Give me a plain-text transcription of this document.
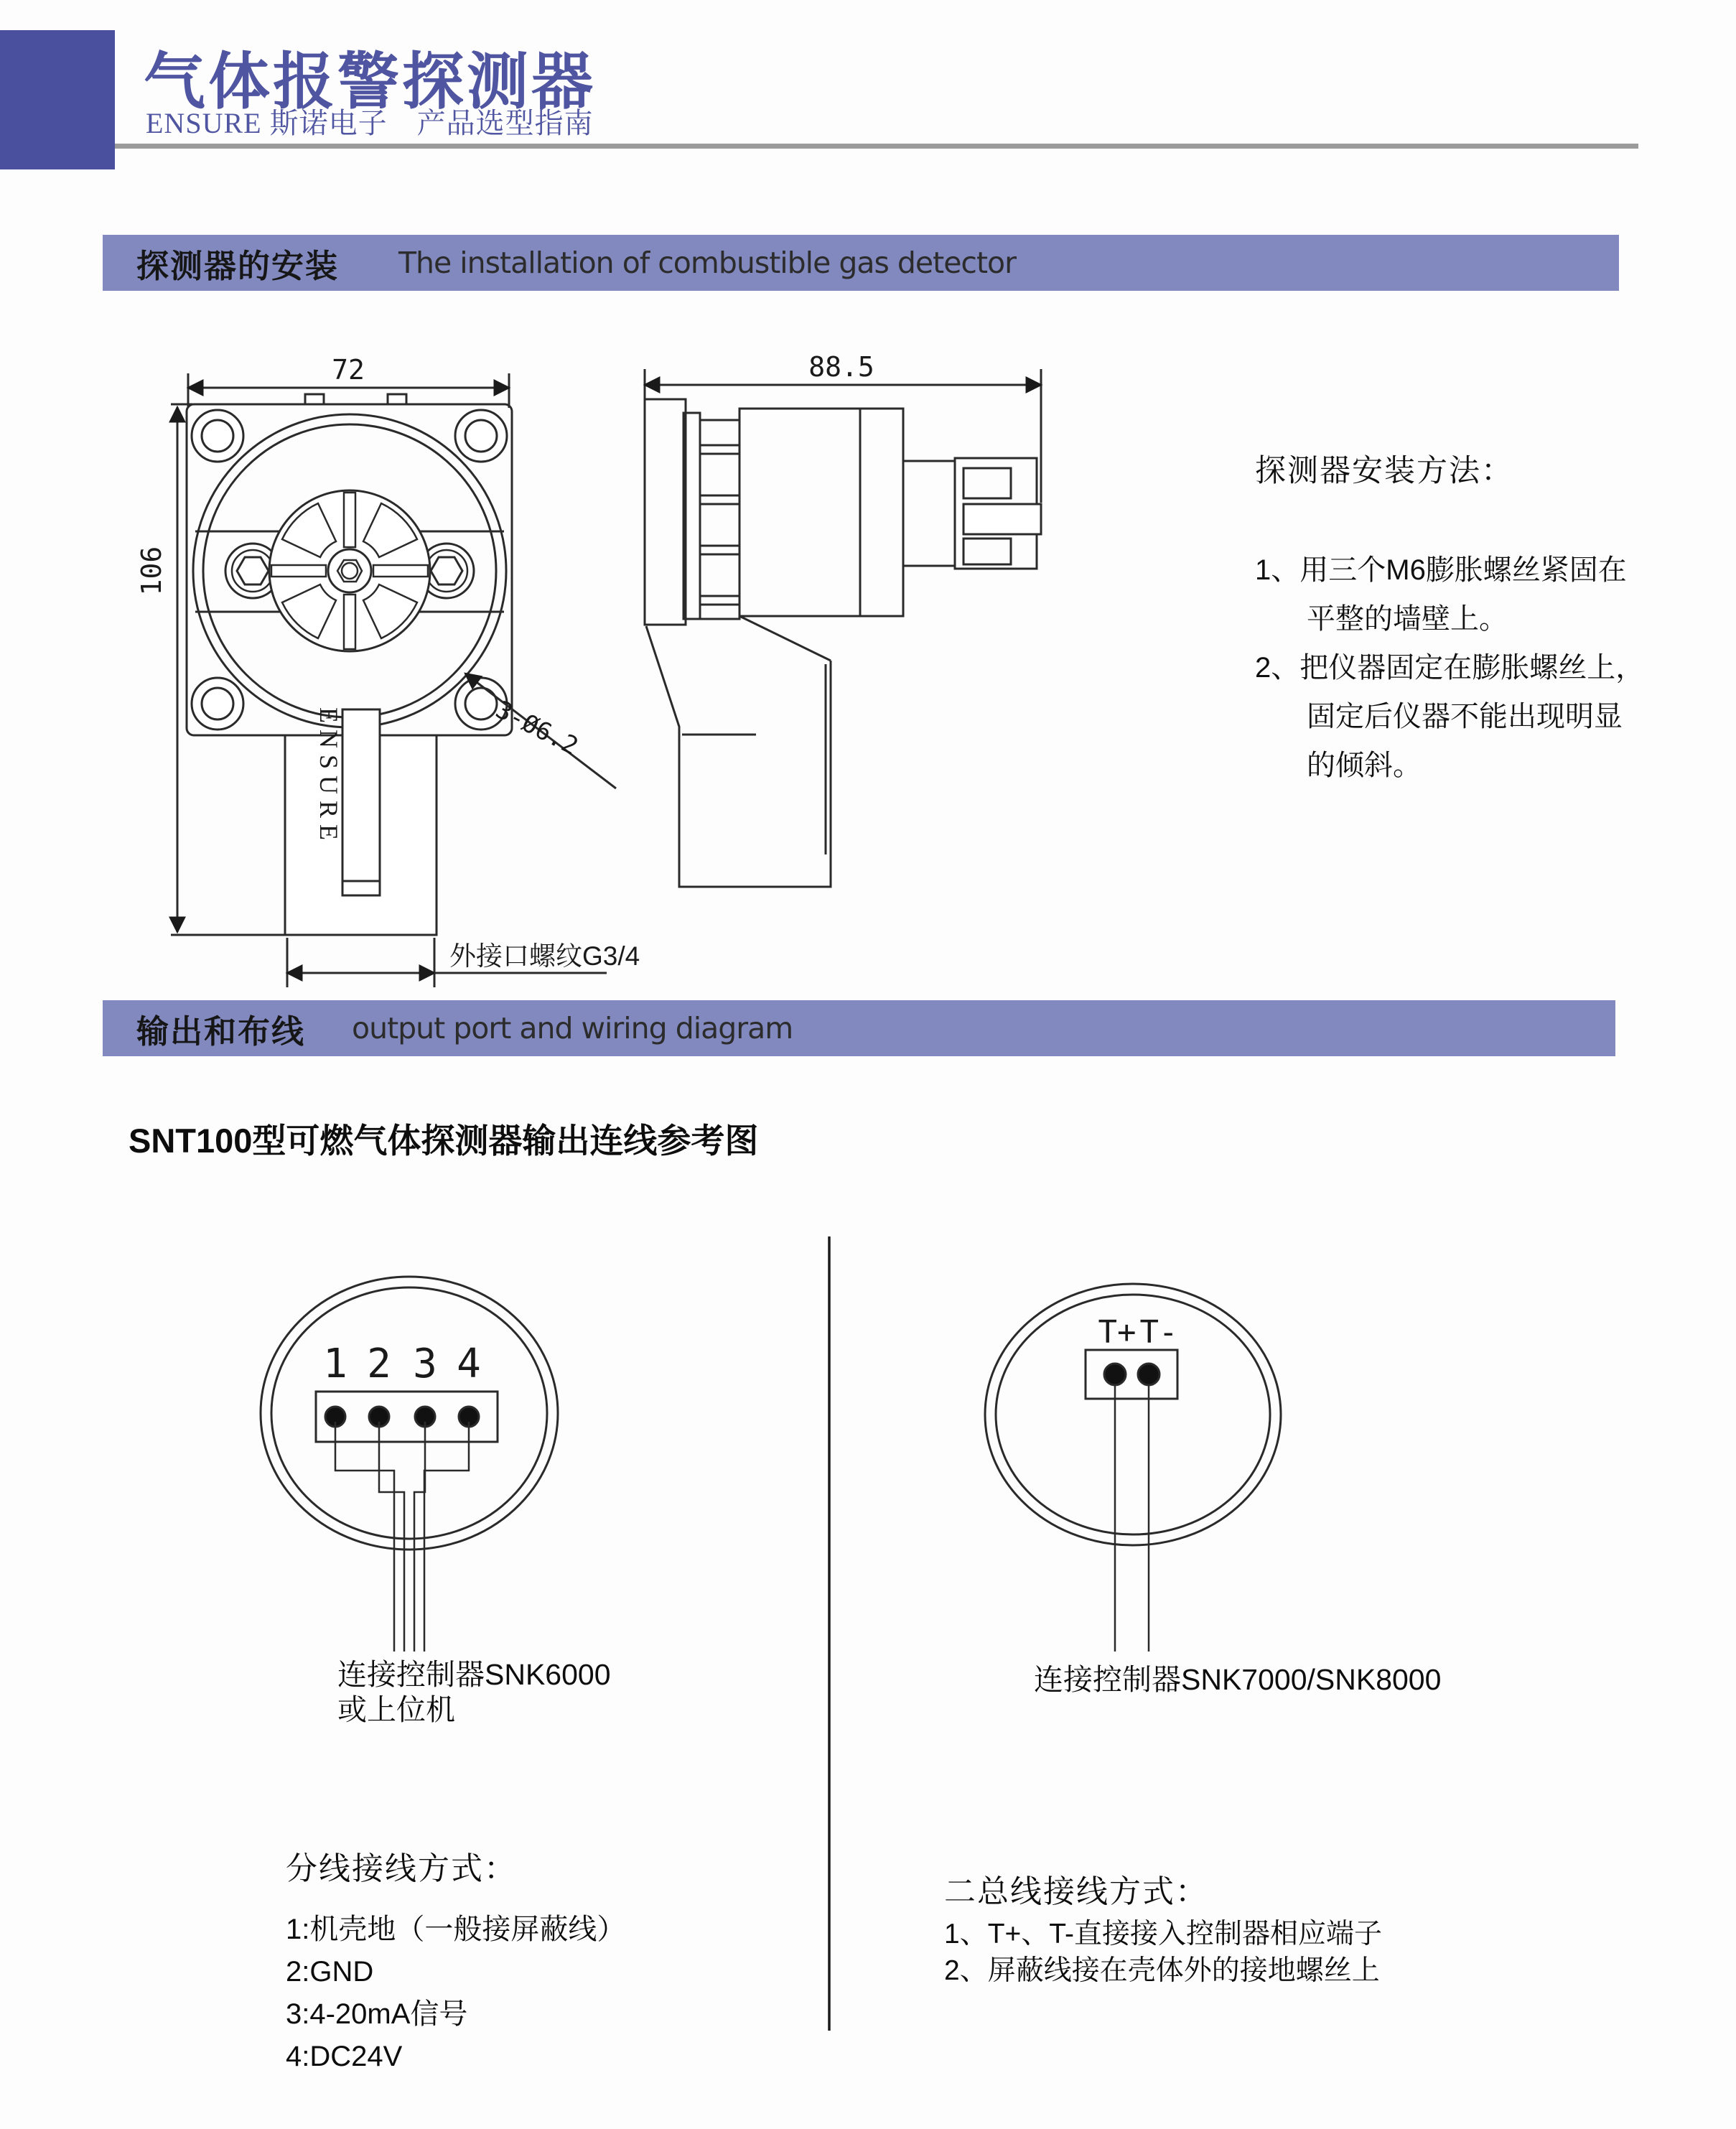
气体报警探测器
ENSURE 斯诺电子　产品选型指南
探测器的安装 The installation of combustible gas detector
72
106
ENSURE	3-Ø6.2
外接口螺纹G3/4
88.5
1 2 3 4
T+ T-
探测器安装方法：
1、用三个M6膨胀螺丝紧固在
平整的墙壁上。
2、把仪器固定在膨胀螺丝上，
固定后仪器不能出现明显
的倾斜。
输出和布线 output port and wiring diagram
SNT100型可燃气体探测器输出连线参考图
连接控制器SNK6000
或上位机
连接控制器SNK7000/SNK8000
分线接线方式：
1:机壳地（一般接屏蔽线）
2:GND
3:4-20mA信号
4:DC24V
二总线接线方式：
1、T+、T-直接接入控制器相应端子
2、屏蔽线接在壳体外的接地螺丝上
